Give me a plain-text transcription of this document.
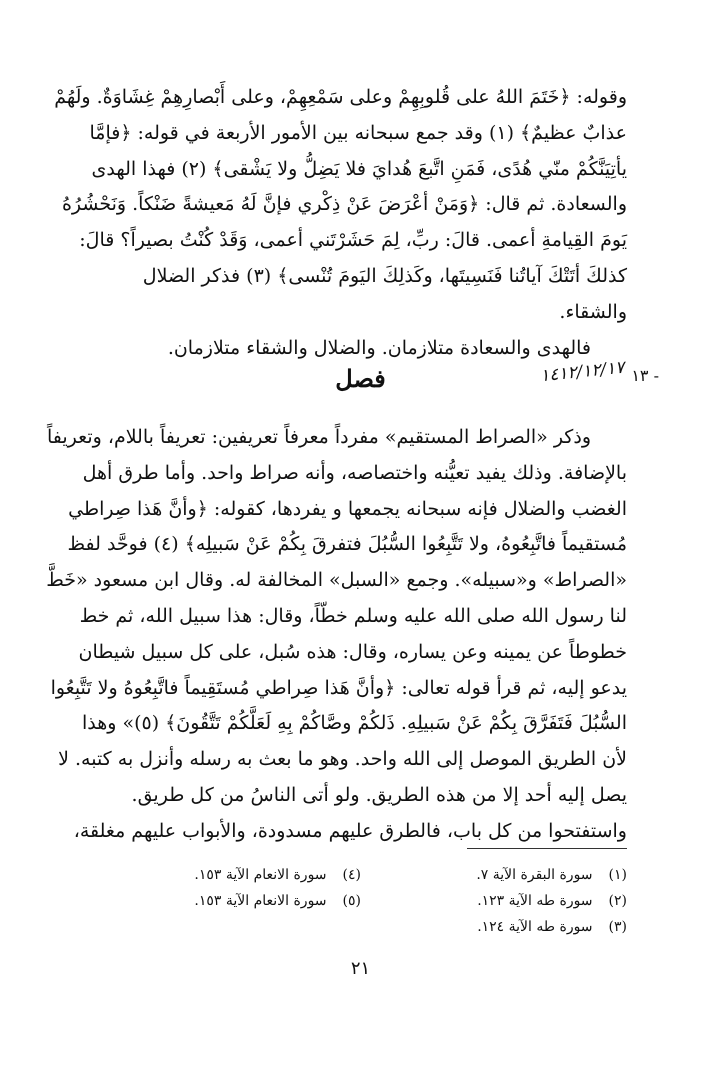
وقوله: ﴿خَتَمَ اللهُ على قُلوبِهِمْ وعلى سَمْعِهِمْ، وعلى أَبْصارِهِمْ غِشَاوَةٌ. ولَهُمْ
عذابٌ عظيمٌ﴾ (١) وقد جمع سبحانه بين الأمور الأربعة في قوله: ﴿فإمَّا
يأتِيَنَّكُمْ منّي هُدًى، فَمَنِ اتَّبعَ هُدايَ فلا يَضِلُّ ولا يَشْقى﴾ (٢) فهذا الهدى
والسعادة. ثم قال: ﴿وَمَنْ أعْرَضَ عَنْ ذِكْري فإنَّ لَهُ مَعيشةً ضَنْكاً. وَنَحْشُرُهُ
يَومَ القِيامةِ أعمى. قالَ: ربِّ، لِمَ حَشَرْتَني أعمى، وَقَدْ كُنْتُ بصيراً؟ قالَ:
كذلكَ أتَتْكَ آياتُنا فَنَسِيتَها، وكَذلِكَ اليَومَ تُنْسى﴾ (٣) فذكر الضلال
والشقاء.
فالهدى والسعادة متلازمان. والضلال والشقاء متلازمان.
١٣ -
١٤١٢/١٢/١٧
فصل
وذكر «الصراط المستقيم» مفرداً معرفاً تعريفين: تعريفاً باللام، وتعريفاً
بالإضافة. وذلك يفيد تعيُّنه واختصاصه، وأنه صراط واحد. وأما طرق أهل
الغضب والضلال فإنه سبحانه يجمعها و يفردها، كقوله: ﴿وأنَّ هَذا صِراطي
مُستقيماً فاتَّبِعُوهُ، ولا تَتَّبِعُوا السُّبُلَ فتفرقَ بِكُمْ عَنْ سَبيلِه﴾ (٤) فوحَّد لفظ
«الصراط» و«سبيله». وجمع «السبل» المخالفة له. وقال ابن مسعود «خَطَّ
لنا رسول الله صلى الله عليه وسلم خطّاً، وقال: هذا سبيل الله، ثم خط
خطوطاً عن يمينه وعن يساره، وقال: هذه سُبل، على كل سبيل شيطان
يدعو إليه، ثم قرأ قوله تعالى: ﴿وأنَّ هَذا صِراطي مُستَقِيماً فاتَّبِعُوهُ ولا تَتَّبِعُوا
السُّبُلَ فَتَفَرَّقَ بِكُمْ عَنْ سَبيلِهِ. ذَلكُمْ وصَّاكُمْ بِهِ لَعَلَّكُمْ تَتَّقُونَ﴾ (٥)» وهذا
لأن الطريق الموصل إلى الله واحد. وهو ما بعث به رسله وأنزل به كتبه. لا
يصل إليه أحد إلا من هذه الطريق. ولو أتى الناسُ من كل طريق.
واستفتحوا من كل باب، فالطرق عليهم مسدودة، والأبواب عليهم مغلقة،
(١) سورة البقرة الآية ٧.
(٢) سورة طه الآية ١٢٣.
(٣) سورة طه الآية ١٢٤.
(٤) سورة الانعام الآية ١٥٣.
(٥) سورة الانعام الآية ١٥٣.
٢١
